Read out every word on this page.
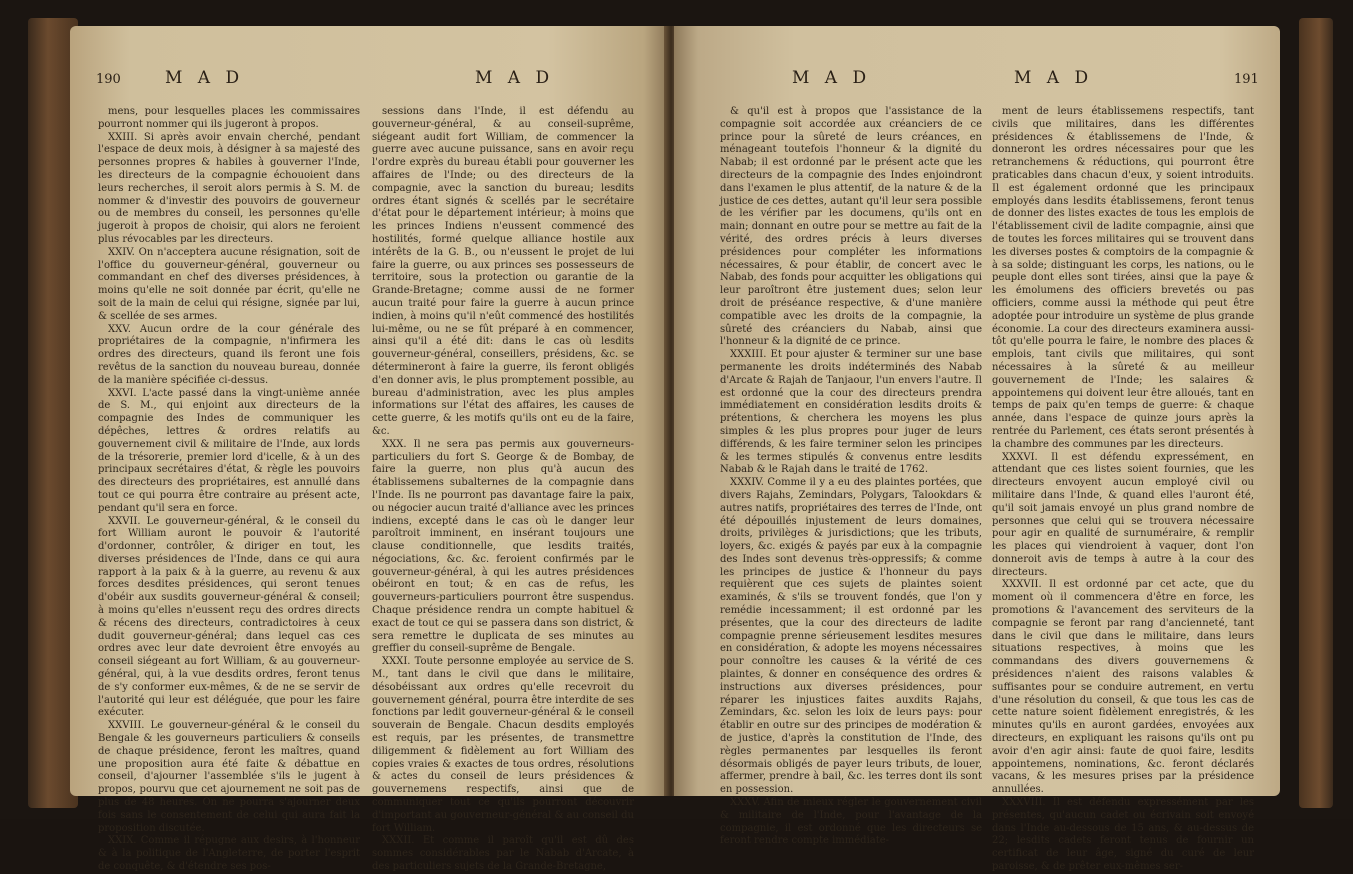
190	M A D	M A D

mens, pour lesquelles places les commissaires pourront nommer qui ils jugeront à propos.

XXIII. Si après avoir envain cherché, pendant l'espace de deux mois, à désigner à sa majesté des personnes propres & habiles à gouverner l'Inde, les directeurs de la compagnie échouoient dans leurs recherches, il seroit alors permis à S. M. de nommer & d'investir des pouvoirs de gouverneur ou de membres du conseil, les personnes qu'elle jugeroit à propos de choisir, qui alors ne feroient plus révocables par les directeurs.

XXIV. On n'acceptera aucune résignation, soit de l'office du gouverneur-général, gouverneur ou commandant en chef des diverses présidences, à moins qu'elle ne soit donnée par écrit, qu'elle ne soit de la main de celui qui résigne, signée par lui, & scellée de ses armes.

XXV. Aucun ordre de la cour générale des propriétaires de la compagnie, n'infirmera les ordres des directeurs, quand ils feront une fois revêtus de la sanction du nouveau bureau, donnée de la manière spécifiée ci-dessus.

XXVI. L'acte passé dans la vingt-unième année de S. M., qui enjoint aux directeurs de la compagnie des Indes de communiquer les dépêches, lettres & ordres relatifs au gouvernement civil & militaire de l'Inde, aux lords de la trésorerie, premier lord d'icelle, & à un des principaux secrétaires d'état, & règle les pouvoirs des directeurs des propriétaires, est annullé dans tout ce qui pourra être contraire au présent acte, pendant qu'il sera en force.

XXVII. Le gouverneur-général, & le conseil du fort William auront le pouvoir & l'autorité d'ordonner, contrôler, & diriger en tout, les diverses présidences de l'Inde, dans ce qui aura rapport à la paix & à la guerre, au revenu & aux forces desdites présidences, qui seront tenues d'obéir aux susdits gouverneur-général & conseil; à moins qu'elles n'eussent reçu des ordres directs & récens des directeurs, contradictoires à ceux dudit gouverneur-général; dans lequel cas ces ordres avec leur date devroient être envoyés au conseil siégeant au fort William, & au gouverneur-général, qui, à la vue desdits ordres, feront tenus de s'y conformer eux-mêmes, & de ne se servir de l'autorité qui leur est déléguée, que pour les faire exécuter.

XXVIII. Le gouverneur-général & le conseil du Bengale & les gouverneurs particuliers & conseils de chaque présidence, feront les maîtres, quand une proposition aura été faite & débattue en conseil, d'ajourner l'assemblée s'ils le jugent à propos, pourvu que cet ajournement ne soit pas de plus de 48 heures. On ne pourra s'ajourner deux fois sans le consentement de celui qui aura fait la proposition discutée.

XXIX. Comme il répugne aux desirs, à l'honneur & à la politique de l'Angleterre, de porter l'esprit de conquête, & d'étendre ses pos-

sessions dans l'Inde, il est défendu au gouverneur-général, & au conseil-suprême, siégeant audit fort William, de commencer la guerre avec aucune puissance, sans en avoir reçu l'ordre exprès du bureau établi pour gouverner les affaires de l'Inde; ou des directeurs de la compagnie, avec la sanction du bureau; lesdits ordres étant signés & scellés par le secrétaire d'état pour le département intérieur; à moins que les princes Indiens n'eussent commencé des hostilités, formé quelque alliance hostile aux intérêts de la G. B., ou n'eussent le projet de lui faire la guerre, ou aux princes ses possesseurs de territoire, sous la protection ou garantie de la Grande-Bretagne; comme aussi de ne former aucun traité pour faire la guerre à aucun prince indien, à moins qu'il n'eût commencé des hostilités lui-même, ou ne se fût préparé à en commencer, ainsi qu'il a été dit: dans le cas où lesdits gouverneur-général, conseillers, présidens, &c. se détermineront à faire la guerre, ils feront obligés d'en donner avis, le plus promptement possible, au bureau d'administration, avec les plus amples informations sur l'état des affaires, les causes de cette guerre, & les motifs qu'ils ont eu de la faire, &c.

XXX. Il ne sera pas permis aux gouverneurs-particuliers du fort S. George & de Bombay, de faire la guerre, non plus qu'à aucun des établissemens subalternes de la compagnie dans l'Inde. Ils ne pourront pas davantage faire la paix, ou négocier aucun traité d'alliance avec les princes indiens, excepté dans le cas où le danger leur paroîtroit imminent, en insérant toujours une clause conditionnelle, que lesdits traités, négociations, &c. &c. feroient confirmés par le gouverneur-général, à qui les autres présidences obéiront en tout; & en cas de refus, les gouverneurs-particuliers pourront être suspendus. Chaque présidence rendra un compte habituel & exact de tout ce qui se passera dans son district, & sera remettre le duplicata de ses minutes au greffier du conseil-suprême de Bengale.

XXXI. Toute personne employée au service de S. M., tant dans le civil que dans le militaire, désobéissant aux ordres qu'elle recevroit du gouvernement général, pourra être interdite de ses fonctions par ledit gouverneur-général & le conseil souverain de Bengale. Chacun desdits employés est requis, par les présentes, de transmettre diligemment & fidèlement au fort William des copies vraies & exactes de tous ordres, résolutions & actes du conseil de leurs présidences & gouvernemens respectifs, ainsi que de communiquer tout ce qu'ils pourront découvrir d'important au gouverneur-général & au conseil du fort William.

XXXII. Et comme il paroît qu'il est dû des sommes considérables par le Nabab d'Arcate, à des particuliers sujets de la Grande-Bretagne,

M A D	M A D	191

& qu'il est à propos que l'assistance de la compagnie soit accordée aux créanciers de ce prince pour la sûreté de leurs créances, en ménageant toutefois l'honneur & la dignité du Nabab; il est ordonné par le présent acte que les directeurs de la compagnie des Indes enjoindront dans l'examen le plus attentif, de la nature & de la justice de ces dettes, autant qu'il leur sera possible de les vérifier par les documens, qu'ils ont en main; donnant en outre pour se mettre au fait de la vérité, des ordres précis à leurs diverses présidences pour compléter les informations nécessaires, & pour établir, de concert avec le Nabab, des fonds pour acquitter les obligations qui leur paroîtront être justement dues; selon leur droit de préséance respective, & d'une manière compatible avec les droits de la compagnie, la sûreté des créanciers du Nabab, ainsi que l'honneur & la dignité de ce prince.

XXXIII. Et pour ajuster & terminer sur une base permanente les droits indéterminés des Nabab d'Arcate & Rajah de Tanjaour, l'un envers l'autre. Il est ordonné que la cour des directeurs prendra immédiatement en considération lesdits droits & prétentions, & cherchera les moyens les plus simples & les plus propres pour juger de leurs différends, & les faire terminer selon les principes & les termes stipulés & convenus entre lesdits Nabab & le Rajah dans le traité de 1762.

XXXIV. Comme il y a eu des plaintes portées, que divers Rajahs, Zemindars, Polygars, Talookdars & autres natifs, propriétaires des terres de l'Inde, ont été dépouillés injustement de leurs domaines, droits, privilèges & jurisdictions; que les tributs, loyers, &c. exigés & payés par eux à la compagnie des Indes sont devenus très-oppressifs; & comme les principes de justice & l'honneur du pays requièrent que ces sujets de plaintes soient examinés, & s'ils se trouvent fondés, que l'on y remédie incessamment; il est ordonné par les présentes, que la cour des directeurs de ladite compagnie prenne sérieusement lesdites mesures en considération, & adopte les moyens nécessaires pour connoître les causes & la vérité de ces plaintes, & donner en conséquence des ordres & instructions aux diverses présidences, pour réparer les injustices faites auxdits Rajahs, Zemindars, &c. selon les loix de leurs pays: pour établir en outre sur des principes de modération & de justice, d'après la constitution de l'Inde, des règles permanentes par lesquelles ils feront désormais obligés de payer leurs tributs, de louer, affermer, prendre à bail, &c. les terres dont ils sont en possession.

XXXV. Afin de mieux régler le gouvernement civil & militaire de l'Inde, pour l'avantage de la compagnie, il est ordonné que les directeurs se feront rendre compte immédiate-

ment de leurs établissemens respectifs, tant civils que militaires, dans les différentes présidences & établissemens de l'Inde, & donneront les ordres nécessaires pour que les retranchemens & réductions, qui pourront être praticables dans chacun d'eux, y soient introduits. Il est également ordonné que les principaux employés dans lesdits établissemens, feront tenus de donner des listes exactes de tous les emplois de l'établissement civil de ladite compagnie, ainsi que de toutes les forces militaires qui se trouvent dans les diverses postes & comptoirs de la compagnie & à sa solde; distinguant les corps, les nations, ou le peuple dont elles sont tirées, ainsi que la paye & les émolumens des officiers brevetés ou pas officiers, comme aussi la méthode qui peut être adoptée pour introduire un système de plus grande économie. La cour des directeurs examinera aussi-tôt qu'elle pourra le faire, le nombre des places & emplois, tant civils que militaires, qui sont nécessaires à la sûreté & au meilleur gouvernement de l'Inde; les salaires & appointemens qui doivent leur être alloués, tant en temps de paix qu'en temps de guerre: & chaque année, dans l'espace de quinze jours après la rentrée du Parlement, ces états seront présentés à la chambre des communes par les directeurs.

XXXVI. Il est défendu expressément, en attendant que ces listes soient fournies, que les directeurs envoyent aucun employé civil ou militaire dans l'Inde, & quand elles l'auront été, qu'il soit jamais envoyé un plus grand nombre de personnes que celui qui se trouvera nécessaire pour agir en qualité de surnuméraire, & remplir les places qui viendroient à vaquer, dont l'on donneroit avis de temps à autre à la cour des directeurs.

XXXVII. Il est ordonné par cet acte, que du moment où il commencera d'être en force, les promotions & l'avancement des serviteurs de la compagnie se feront par rang d'ancienneté, tant dans le civil que dans le militaire, dans leurs situations respectives, à moins que les commandans des divers gouvernemens & présidences n'aient des raisons valables & suffisantes pour se conduire autrement, en vertu d'une résolution du conseil, & que tous les cas de cette nature soient fidèlement enregistrés, & les minutes qu'ils en auront gardées, envoyées aux directeurs, en expliquant les raisons qu'ils ont pu avoir d'en agir ainsi: faute de quoi faire, lesdits appointemens, nominations, &c. feront déclarés vacans, & les mesures prises par la présidence annullées.

XXXVIII. Il est défendu expressément par les présentes, qu'aucun cadet ou écrivain soit envoyé dans l'Inde au-dessous de 15 ans, & au-dessus de 22; lesdits cadets feront tenus de fournir un certificat de leur âge, signé du curé de leur paroisse, & de prêter eux-mêmes ser-
